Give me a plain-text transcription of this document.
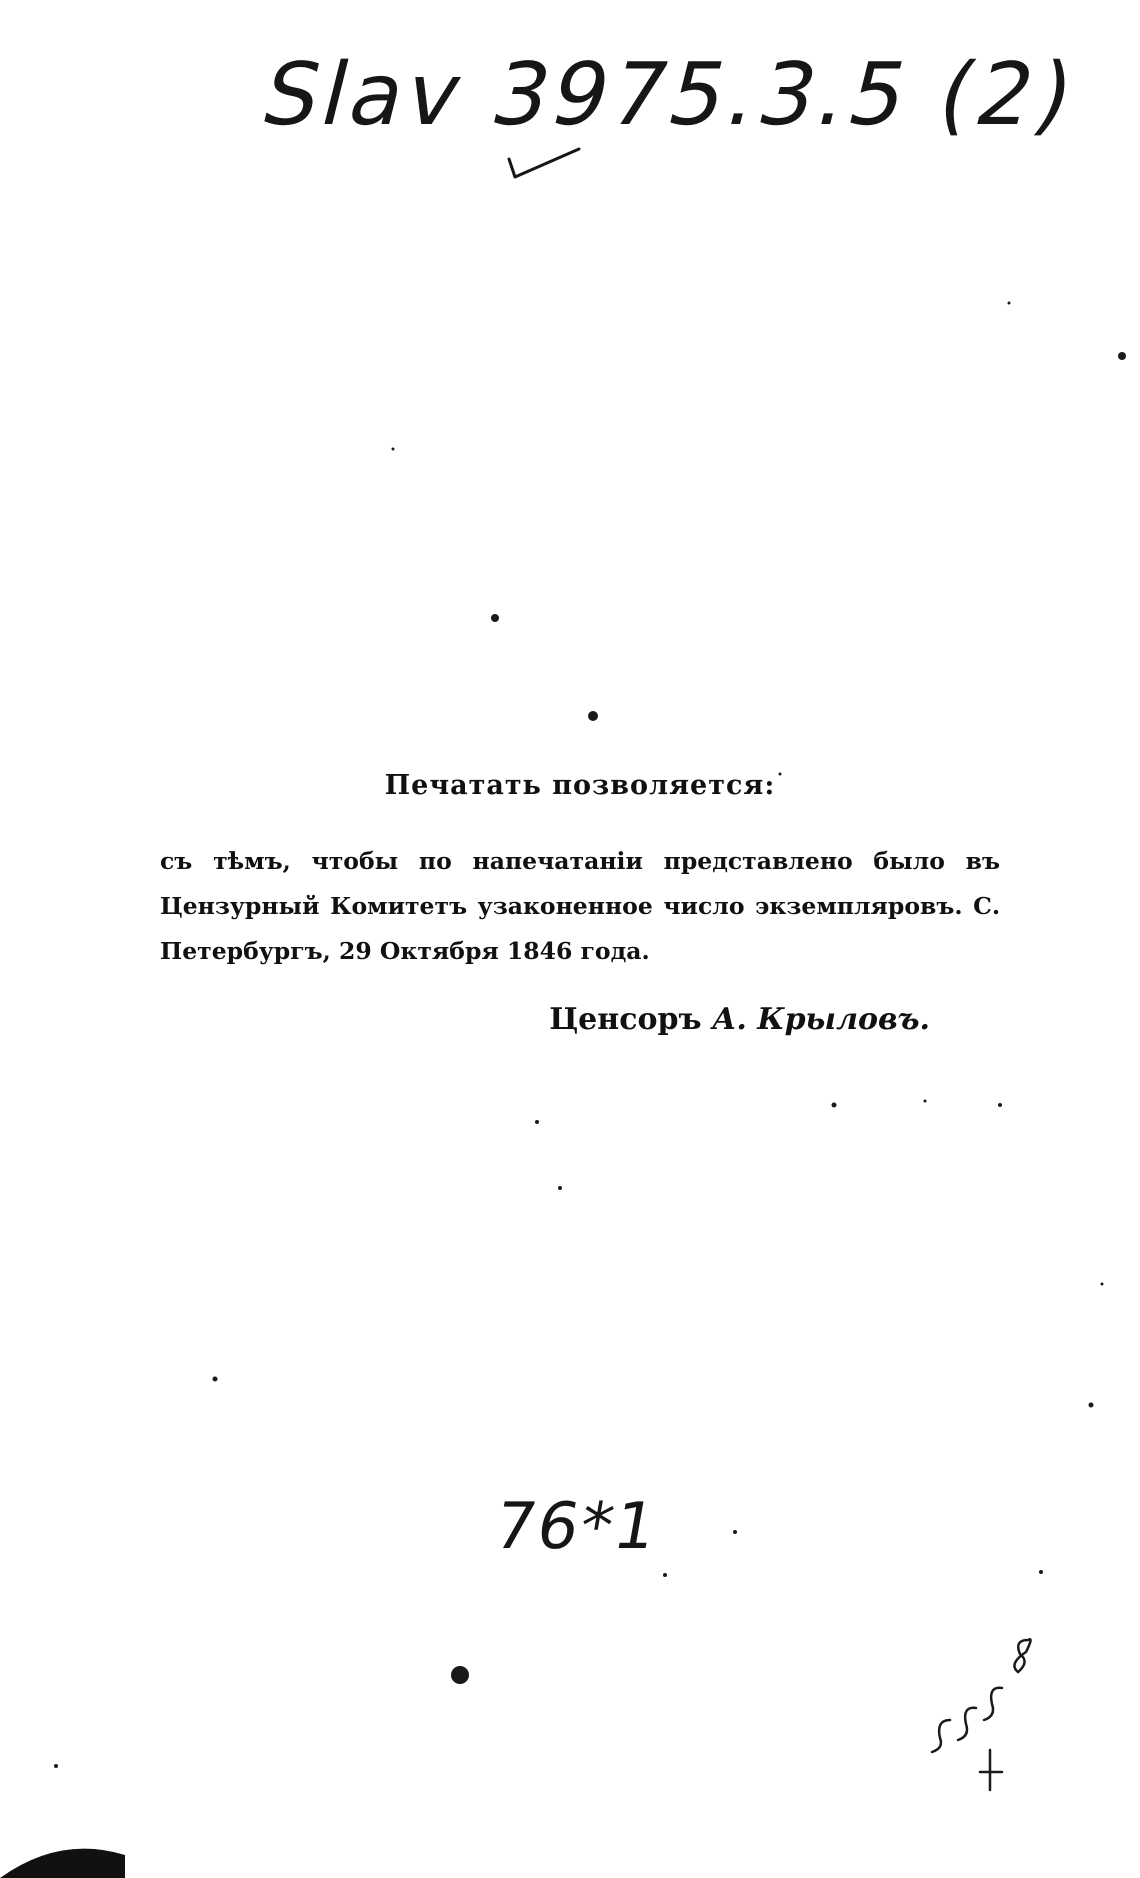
Slav 3975.3.5 (2)

Печатать позволяется:

съ тѣмъ, чтобы по напечатаніи представлено было въ Цензурный Комитетъ узаконенное число экземпляровъ. С. Петербургъ, 29 Октября 1846 года.

Ценсоръ А. Крыловъ.
76*1
